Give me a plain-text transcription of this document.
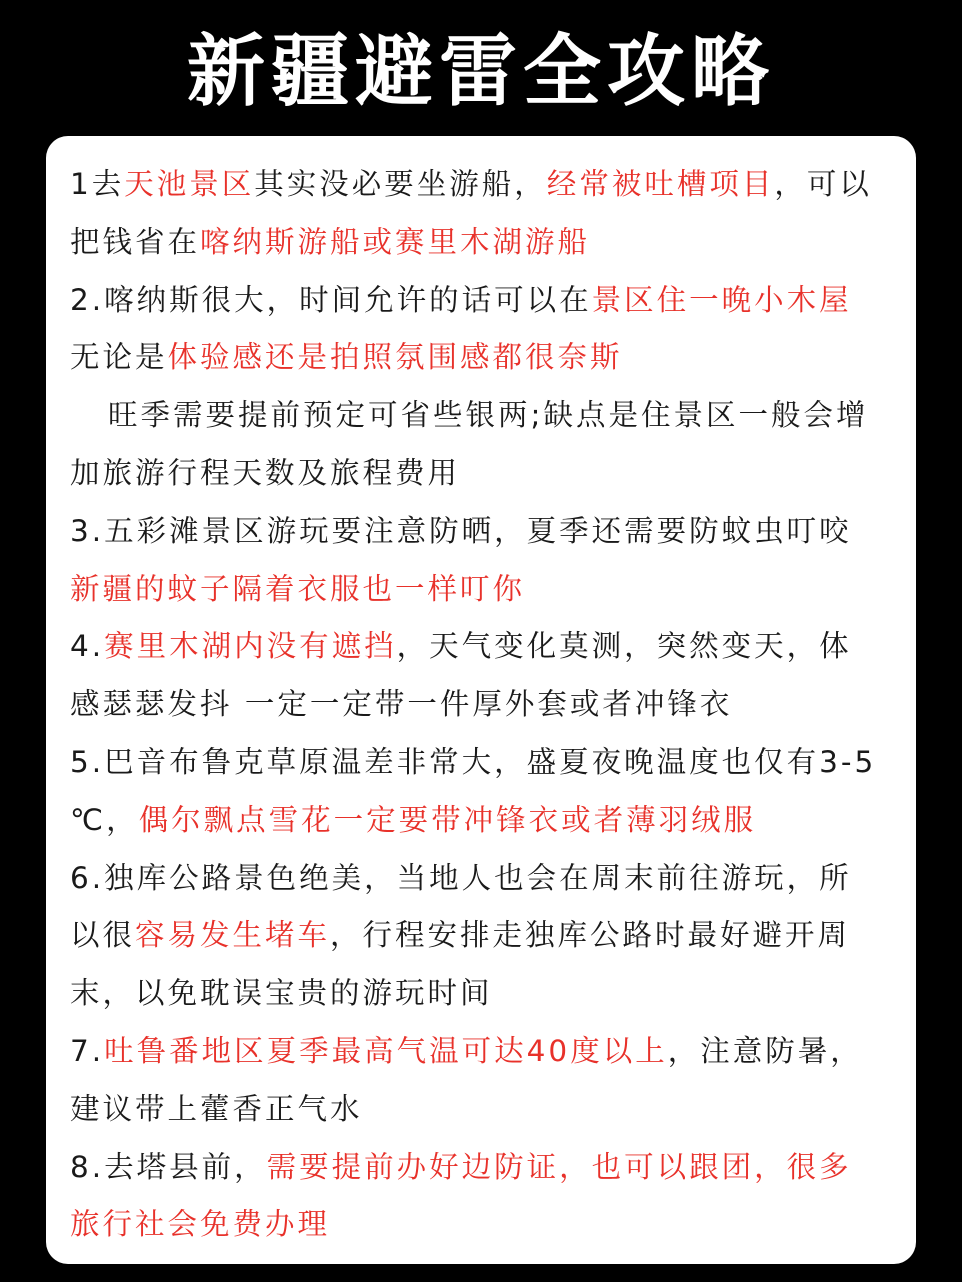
新疆避雷全攻略
1去天池景区其实没必要坐游船，经常被吐槽项目，可以
把钱省在喀纳斯游船或赛里木湖游船
2.喀纳斯很大，时间允许的话可以在景区住一晚小木屋
无论是体验感还是拍照氛围感都很奈斯
旺季需要提前预定可省些银两;缺点是住景区一般会增
加旅游行程天数及旅程费用
3.五彩滩景区游玩要注意防晒，夏季还需要防蚊虫叮咬
新疆的蚊子隔着衣服也一样叮你
4.赛里木湖内没有遮挡，天气变化莫测，突然变天，体
感瑟瑟发抖 一定一定带一件厚外套或者冲锋衣
5.巴音布鲁克草原温差非常大，盛夏夜晚温度也仅有3-5
℃，偶尔飘点雪花一定要带冲锋衣或者薄羽绒服
6.独库公路景色绝美，当地人也会在周末前往游玩，所
以很容易发生堵车，行程安排走独库公路时最好避开周
末，以免耽误宝贵的游玩时间
7.吐鲁番地区夏季最高气温可达40度以上，注意防暑，
建议带上藿香正气水
8.去塔县前，需要提前办好边防证，也可以跟团，很多
旅行社会免费办理
